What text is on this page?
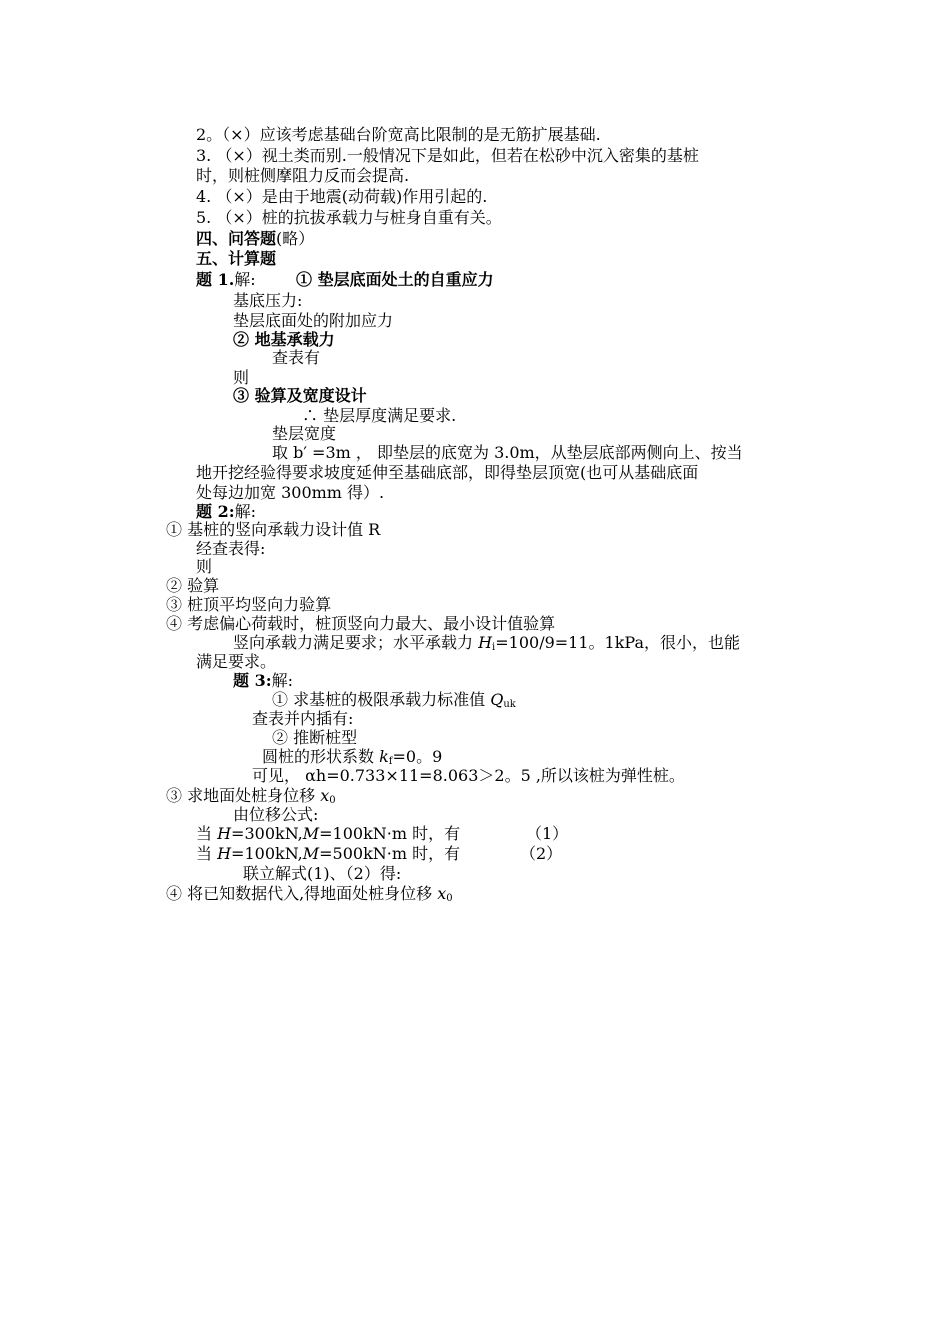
2。（×）应该考虑基础台阶宽高比限制的是无筋扩展基础.
3. （×）视土类而别.一般情况下是如此，但若在松砂中沉入密集的基桩
时，则桩侧摩阻力反而会提高.
4. （×）是由于地震(动荷载)作用引起的.
5. （×）桩的抗拔承载力与桩身自重有关。
四、问答题(略）
五、计算题
题 1.解:	① 垫层底面处土的自重应力
基底压力:
垫层底面处的附加应力
② 地基承载力
查表有
则
③ 验算及宽度设计
∴ 垫层厚度满足要求.
垫层宽度
取 b′ =3m ， 即垫层的底宽为 3.0m，从垫层底部两侧向上、按当
地开挖经验得要求坡度延伸至基础底部，即得垫层顶宽(也可从基础底面
处每边加宽 300mm 得）.
题 2:解:
① 基桩的竖向承载力设计值 R
经查表得:
则
② 验算
③ 桩顶平均竖向力验算
④ 考虑偏心荷载时，桩顶竖向力最大、最小设计值验算
竖向承载力满足要求；水平承载力 $H_i=100/9=11$。1kPa，很小，也能
满足要求。
题 3:解:
① 求基桩的极限承载力标准值 $Q_{uk}$
查表并内插有:
② 推断桩型
圆桩的形状系数 $k_f=0$。9
可见， αh=0.733×11=8.063＞2。5 ,所以该桩为弹性桩。
③ 求地面处桩身位移 $x_0$
由位移公式:
当 H=300kN,M=100kN·m 时，有	（1）
当 H=100kN,M=500kN·m 时，有	（2）
联立解式(1)、（2）得:
④ 将已知数据代入,得地面处桩身位移 $x_0$
